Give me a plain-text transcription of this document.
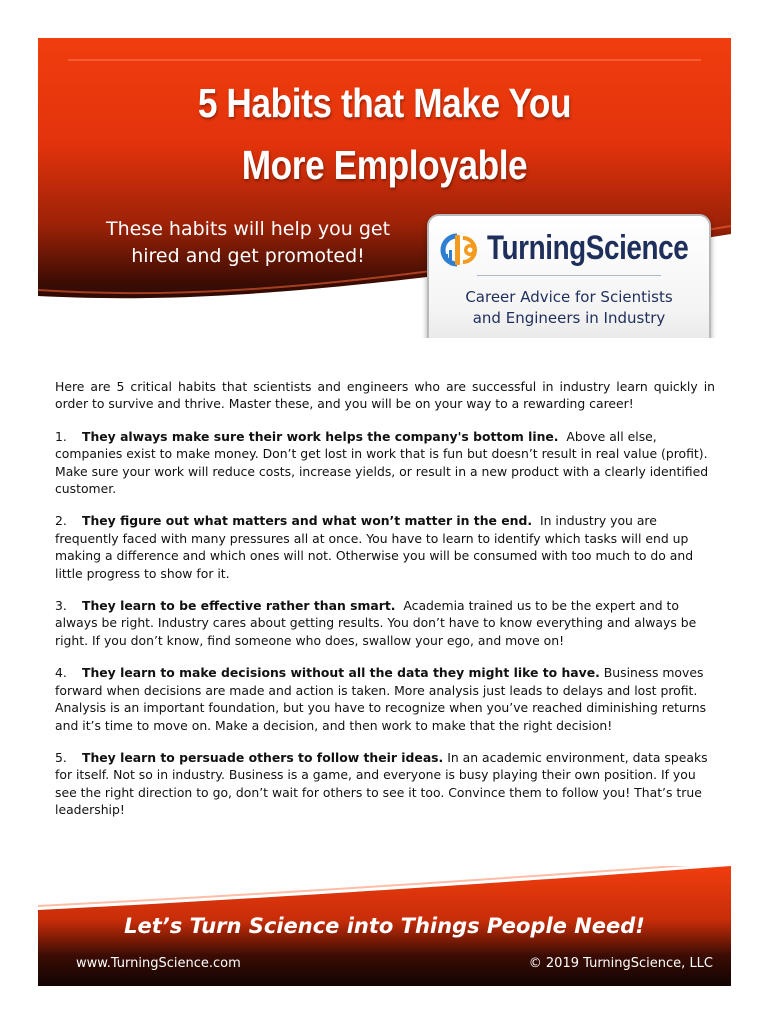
5 Habits that Make You
More Employable
These habits will help you get
hired and get promoted!	TurningScience
Career Advice for Scientists
and Engineers in Industry

Here are 5 critical habits that scientists and engineers who are successful in industry learn quickly in order to survive and thrive. Master these, and you will be on your way to a rewarding career!

1. They always make sure their work helps the company's bottom line. Above all else, companies exist to make money. Don’t get lost in work that is fun but doesn’t result in real value (profit). Make sure your work will reduce costs, increase yields, or result in a new product with a clearly identified customer.

2. They figure out what matters and what won’t matter in the end. In industry you are frequently faced with many pressures all at once. You have to learn to identify which tasks will end up making a difference and which ones will not. Otherwise you will be consumed with too much to do and little progress to show for it.

3. They learn to be effective rather than smart. Academia trained us to be the expert and to always be right. Industry cares about getting results. You don’t have to know everything and always be right. If you don’t know, find someone who does, swallow your ego, and move on!

4. They learn to make decisions without all the data they might like to have. Business moves forward when decisions are made and action is taken. More analysis just leads to delays and lost profit. Analysis is an important foundation, but you have to recognize when you’ve reached diminishing returns and it’s time to move on. Make a decision, and then work to make that the right decision!

5. They learn to persuade others to follow their ideas. In an academic environment, data speaks for itself. Not so in industry. Business is a game, and everyone is busy playing their own position. If you see the right direction to go, don’t wait for others to see it too. Convince them to follow you! That’s true leadership!

Let’s Turn Science into Things People Need!
www.TurningScience.com	© 2019 TurningScience, LLC
